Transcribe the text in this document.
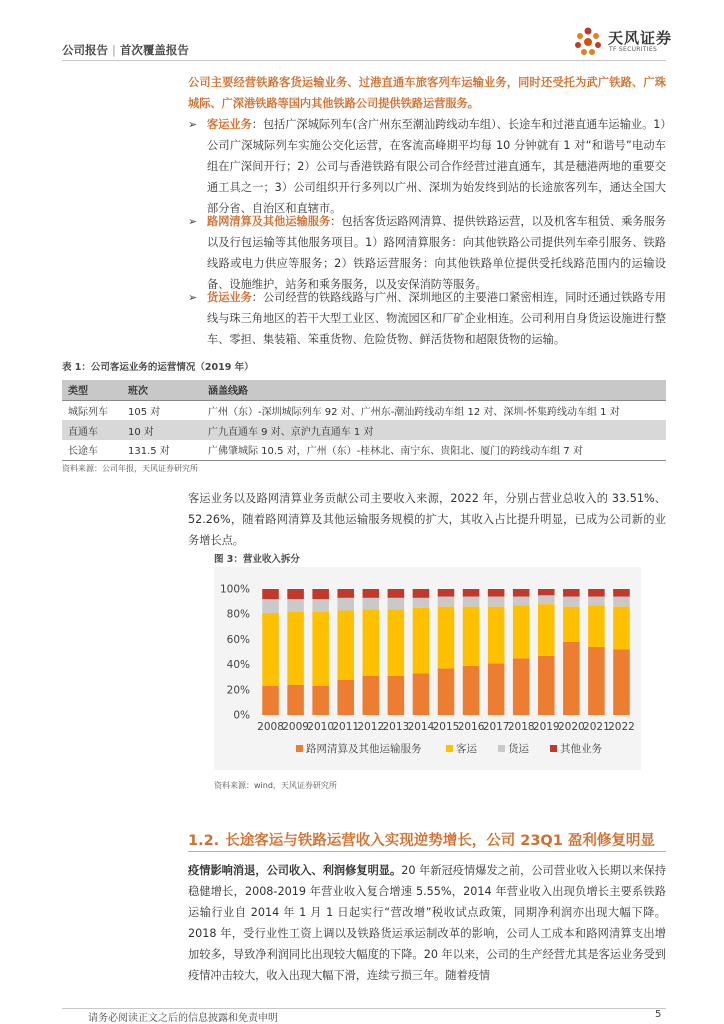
公司报告 | 首次覆盖报告
天风证券
TF SECURITIES
公司主要经营铁路客货运输业务、过港直通车旅客列车运输业务，同时还受托为武广铁路、广珠城际、广深港铁路等国内其他铁路公司提供铁路运营服务。
➢ 客运业务：包括广深城际列车(含广州东至潮汕跨线动车组）、长途车和过港直通车运输业。1）公司广深城际列车实施公交化运营，在客流高峰期平均每 10 分钟就有 1 对“和谐号”电动车组在广深间开行；2）公司与香港铁路有限公司合作经营过港直通车，其是穗港两地的重要交通工具之一；3）公司组织开行多列以广州、深圳为始发终到站的长途旅客列车，通达全国大部分省、自治区和直辖市。
➢ 路网清算及其他运输服务：包括客货运路网清算、提供铁路运营，以及机客车租赁、乘务服务以及行包运输等其他服务项目。1）路网清算服务：向其他铁路公司提供列车牵引服务、铁路线路或电力供应等服务；2）铁路运营服务：向其他铁路单位提供受托线路范围内的运输设备、设施维护，站务和乘务服务，以及安保消防等服务。
➢ 货运业务：公司经营的铁路线路与广州、深圳地区的主要港口紧密相连，同时还通过铁路专用线与珠三角地区的若干大型工业区、物流园区和厂矿企业相连。公司利用自身货运设施进行整车、零担、集装箱、笨重货物、危险货物、鲜活货物和超限货物的运输。
表 1：公司客运业务的运营情况（2019 年）
类型	班次	涵盖线路
城际列车	105 对	广州（东）-深圳城际列车 92 对、广州东-潮汕跨线动车组 12 对、深圳-怀集跨线动车组 1 对
直通车	10 对	广九直通车 9 对、京沪九直通车 1 对
长途车	131.5 对	广佛肇城际 10.5 对，广州（东）-桂林北、南宁东、贵阳北、厦门的跨线动车组 7 对
资料来源：公司年报，天风证券研究所
客运业务以及路网清算业务贡献公司主要收入来源，2022 年，分别占营业总收入的 33.51%、52.26%，随着路网清算及其他运输服务规模的扩大，其收入占比提升明显，已成为公司新的业务增长点。
图 3：营业收入拆分
0%
20%
40%
60%
80%
100%
2008
2009
2010
2011
2012
2013
2014
2015
2016
2017
2018
2019
2020
2021
2022
路网清算及其他运输服务	客运	货运	其他业务
资料来源：wind，天风证券研究所
1.2. 长途客运与铁路运营收入实现逆势增长，公司 23Q1 盈利修复明显
疫情影响消退，公司收入、利润修复明显。20 年新冠疫情爆发之前，公司营业收入长期以来保持稳健增长，2008-2019 年营业收入复合增速 5.55%，2014 年营业收入出现负增长主要系铁路运输行业自 2014 年 1 月 1 日起实行“营改增”税收试点政策，同期净利润亦出现大幅下降。2018 年，受行业性工资上调以及铁路货运承运制改革的影响，公司人工成本和路网清算支出增加较多，导致净利润同比出现较大幅度的下降。20 年以来，公司的生产经营尤其是客运业务受到疫情冲击较大，收入出现大幅下滑，连续亏损三年。随着疫情
请务必阅读正文之后的信息披露和免责申明	5
